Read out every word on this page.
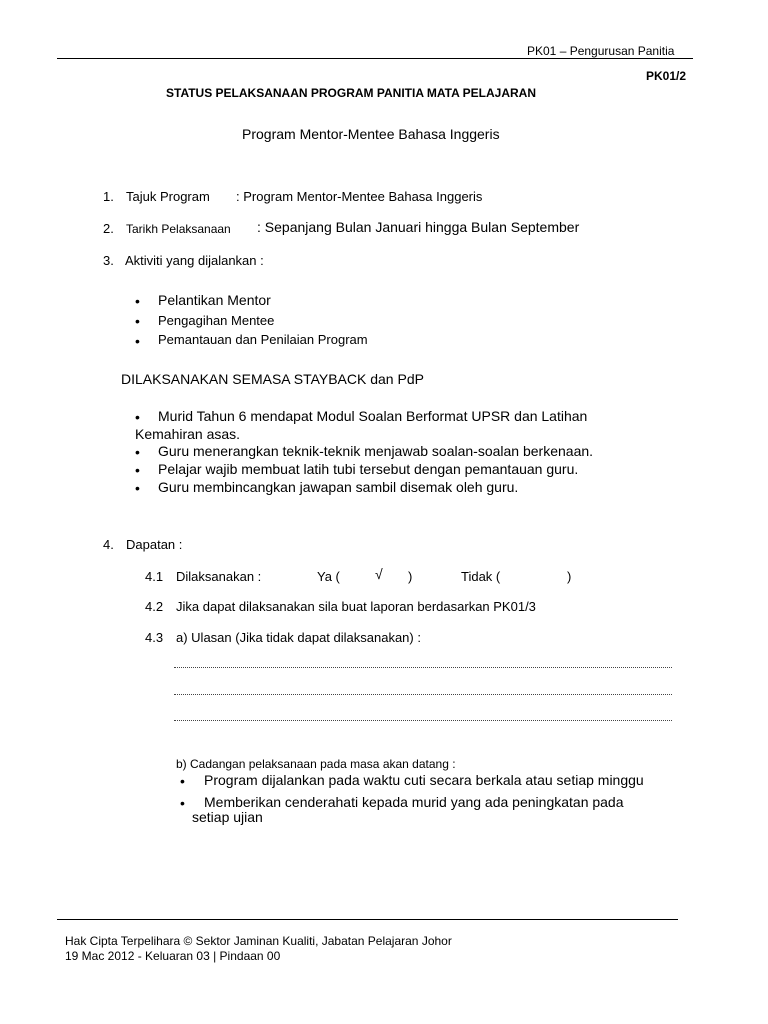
PK01 – Pengurusan Panitia
PK01/2
STATUS PELAKSANAAN PROGRAM PANITIA MATA PELAJARAN
Program Mentor-Mentee Bahasa Inggeris
1. Tajuk Program : Program Mentor-Mentee Bahasa Inggeris
2. Tarikh Pelaksanaan : Sepanjang Bulan Januari hingga Bulan September
3. Aktiviti yang dijalankan :
• Pelantikan Mentor
• Pengagihan Mentee
• Pemantauan dan Penilaian Program
DILAKSANAKAN SEMASA STAYBACK dan PdP
• Murid Tahun 6 mendapat Modul Soalan Berformat UPSR dan Latihan
Kemahiran asas.
• Guru menerangkan teknik-teknik menjawab soalan-soalan berkenaan.
• Pelajar wajib membuat latih tubi tersebut dengan pemantauan guru.
• Guru membincangkan jawapan sambil disemak oleh guru.
4. Dapatan :
4.1 Dilaksanakan :	Ya (	√ )	Tidak (	)
4.2 Jika dapat dilaksanakan sila buat laporan berdasarkan PK01/3
4.3 a) Ulasan (Jika tidak dapat dilaksanakan) :
b) Cadangan pelaksanaan pada masa akan datang :
• Program dijalankan pada waktu cuti secara berkala atau setiap minggu
• Memberikan cenderahati kepada murid yang ada peningkatan pada
setiap ujian
Hak Cipta Terpelihara © Sektor Jaminan Kualiti, Jabatan Pelajaran Johor
19 Mac 2012 - Keluaran 03 | Pindaan 00
